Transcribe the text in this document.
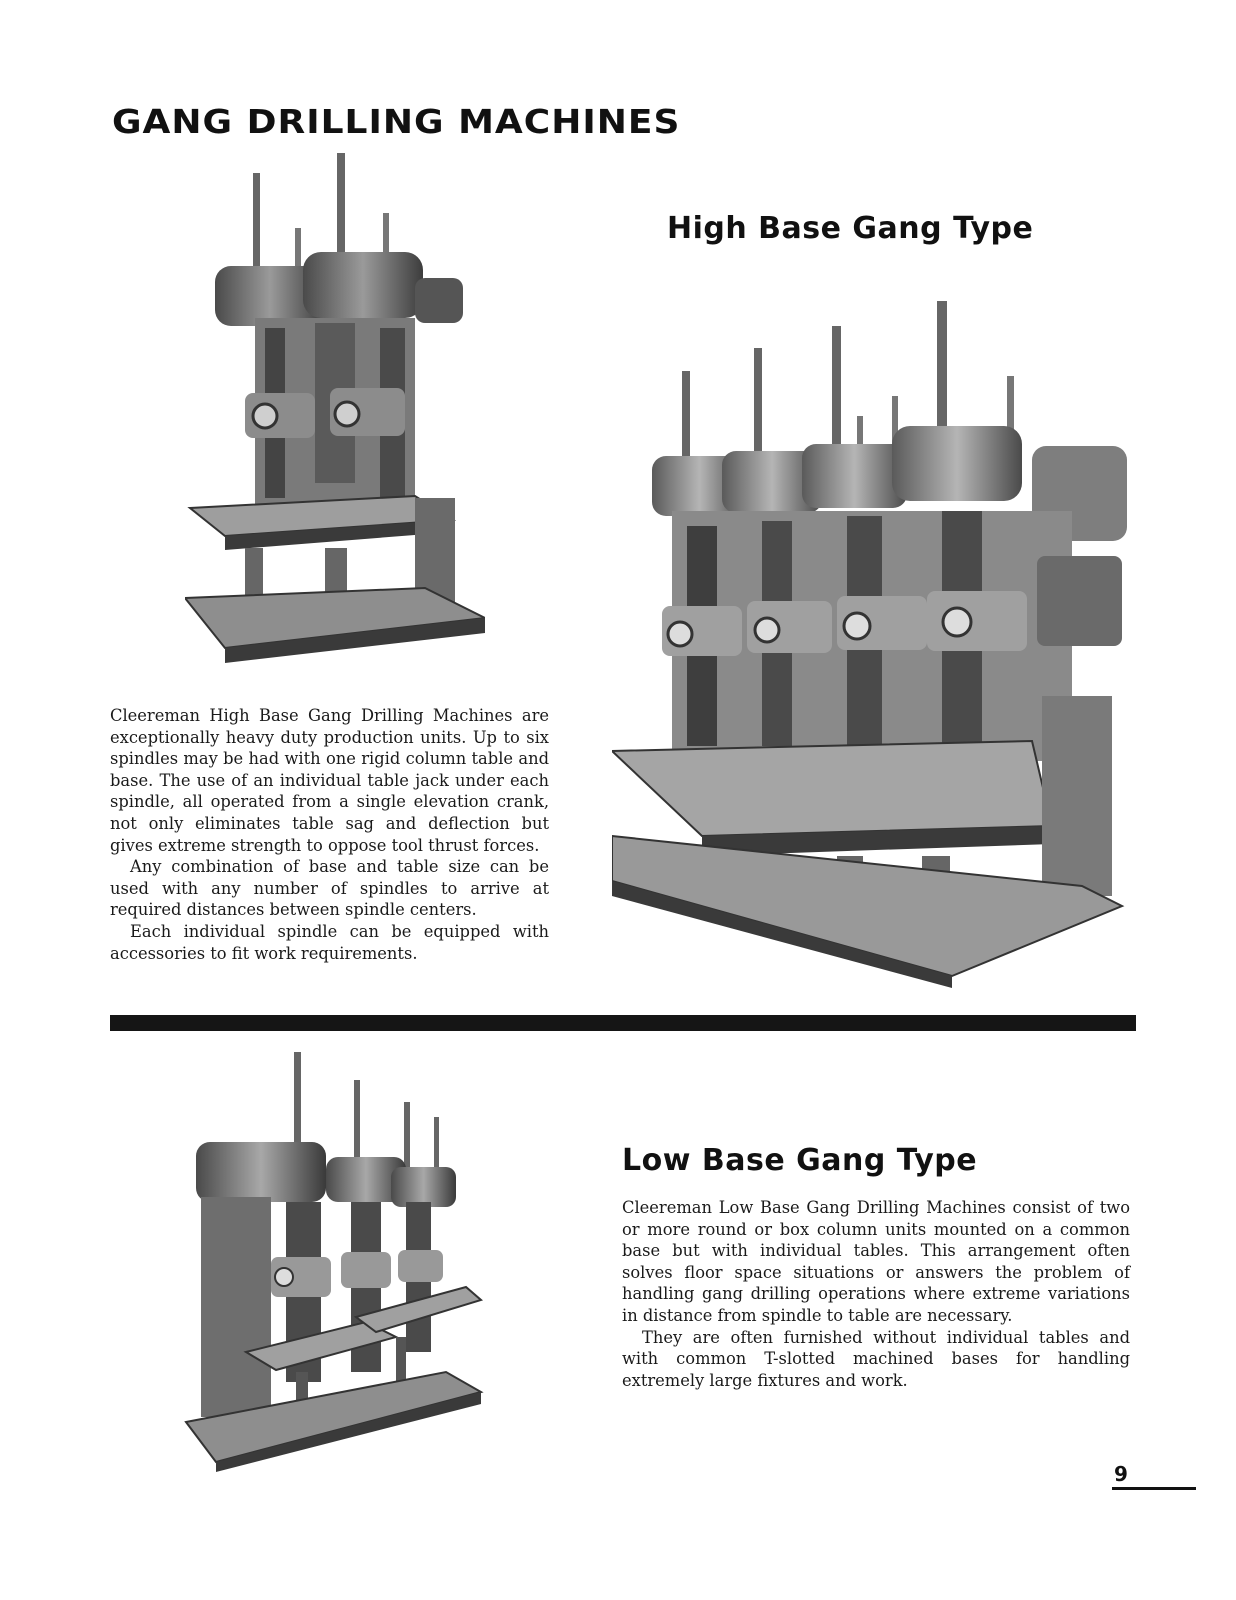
GANG DRILLING MACHINES
High Base Gang Type

Cleereman High Base Gang Drilling Machines are exceptionally heavy duty production units. Up to six spindles may be had with one rigid column table and base. The use of an individual table jack under each spindle, all operated from a single elevation crank, not only eliminates table sag and deflection but gives extreme strength to oppose tool thrust forces.

Any combination of base and table size can be used with any number of spindles to arrive at required distances between spindle centers.

Each individual spindle can be equipped with accessories to fit work requirements.

Low Base Gang Type

Cleereman Low Base Gang Drilling Machines consist of two or more round or box column units mounted on a common base but with individual tables. This arrangement often solves floor space situations or answers the problem of handling gang drilling operations where extreme variations in distance from spindle to table are necessary.

They are often furnished without individual tables and with common T-slotted machined bases for handling extremely large fixtures and work.

9
